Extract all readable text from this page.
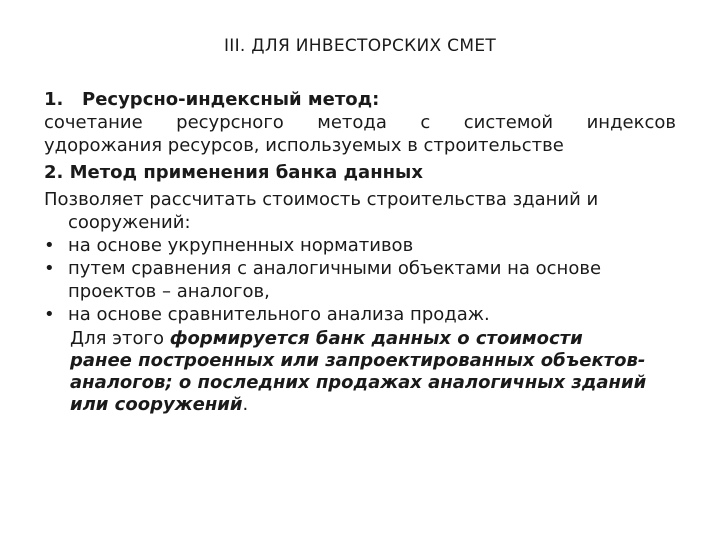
III. ДЛЯ ИНВЕСТОРСКИХ СМЕТ
1. Ресурсно-индексный метод:
сочетание ресурсного метода с системой индексов
удорожания ресурсов, используемых в строительстве
2. Метод применения банка данных
Позволяет рассчитать стоимость строительства зданий и
сооружений:
• на основе укрупненных нормативов
• путем сравнения с аналогичными объектами на основе
проектов – аналогов,
• на основе сравнительного анализа продаж.
Для этого формируется банк данных о стоимости
ранее построенных или запроектированных объектов-
аналогов; о последних продажах аналогичных зданий
или сооружений.
